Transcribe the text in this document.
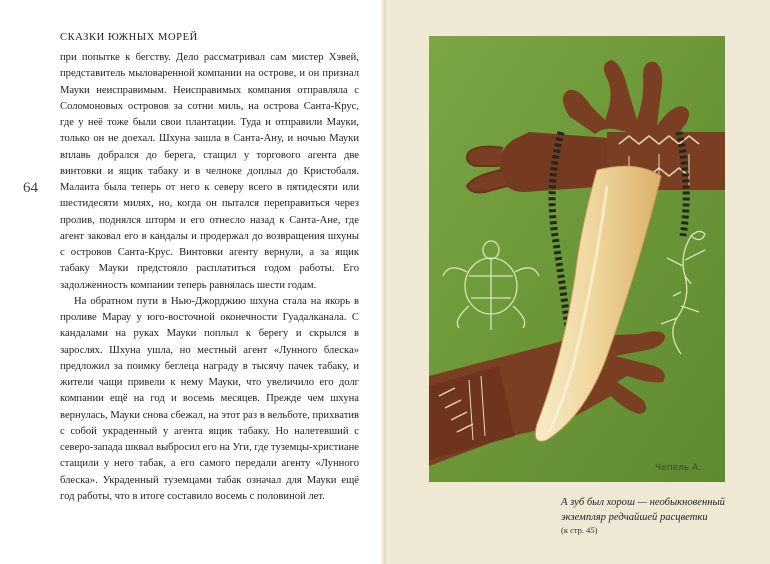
СКАЗКИ ЮЖНЫХ МОРЕЙ
64

при попытке к бегству. Дело рассматривал сам мистер Хэвей, представитель мыловаренной компании на острове, и он признал Мауки неисправимым. Неисправимых компания отправляла с Соломоновых островов за сотни миль, на острова Санта-Крус, где у неё тоже были свои плантации. Туда и отправили Мауки, только он не доехал. Шхуна зашла в Санта-Ану, и ночью Мауки вплавь добрался до берега, стащил у торгового агента две винтовки и ящик табаку и в челноке доплыл до Кристобаля. Малаита была теперь от него к северу всего в пятидесяти или шестидесяти милях, но, когда он пытался переправиться через пролив, поднялся шторм и его отнесло назад к Санта-Ане, где агент заковал его в кандалы и продержал до возвращения шхуны с островов Санта-Крус. Винтовки агенту вернули, а за ящик табаку Мауки предстояло расплатиться годом работы. Его задолженность компании теперь равнялась шести годам.

На обратном пути в Нью-Джорджию шхуна стала на якорь в проливе Марау у юго-восточной оконечности Гуадалканала. С кандалами на руках Мауки поплыл к берегу и скрылся в зарослях. Шхуна ушла, но местный агент «Лунного блеска» предложил за поимку беглеца награду в тысячу пачек табаку, и жители чащи привели к нему Мауки, что увеличило его долг компании ещё на год и восемь месяцев. Прежде чем шхуна вернулась, Мауки снова сбежал, на этот раз в вельботе, прихватив с собой украденный у агента ящик табаку. Но налетевший с северо-запада шквал выбросил его на Уги, где туземцы-христиане стащили у него табак, а его самого передали агенту «Лунного блеска». Украденный туземцами табак означал для Мауки ещё год работы, что в итоге составило восемь с половиной лет.

Чепель А.
А зуб был хорош — необыкновенный экземпляр редчайшей расцветки
(к стр. 45)
